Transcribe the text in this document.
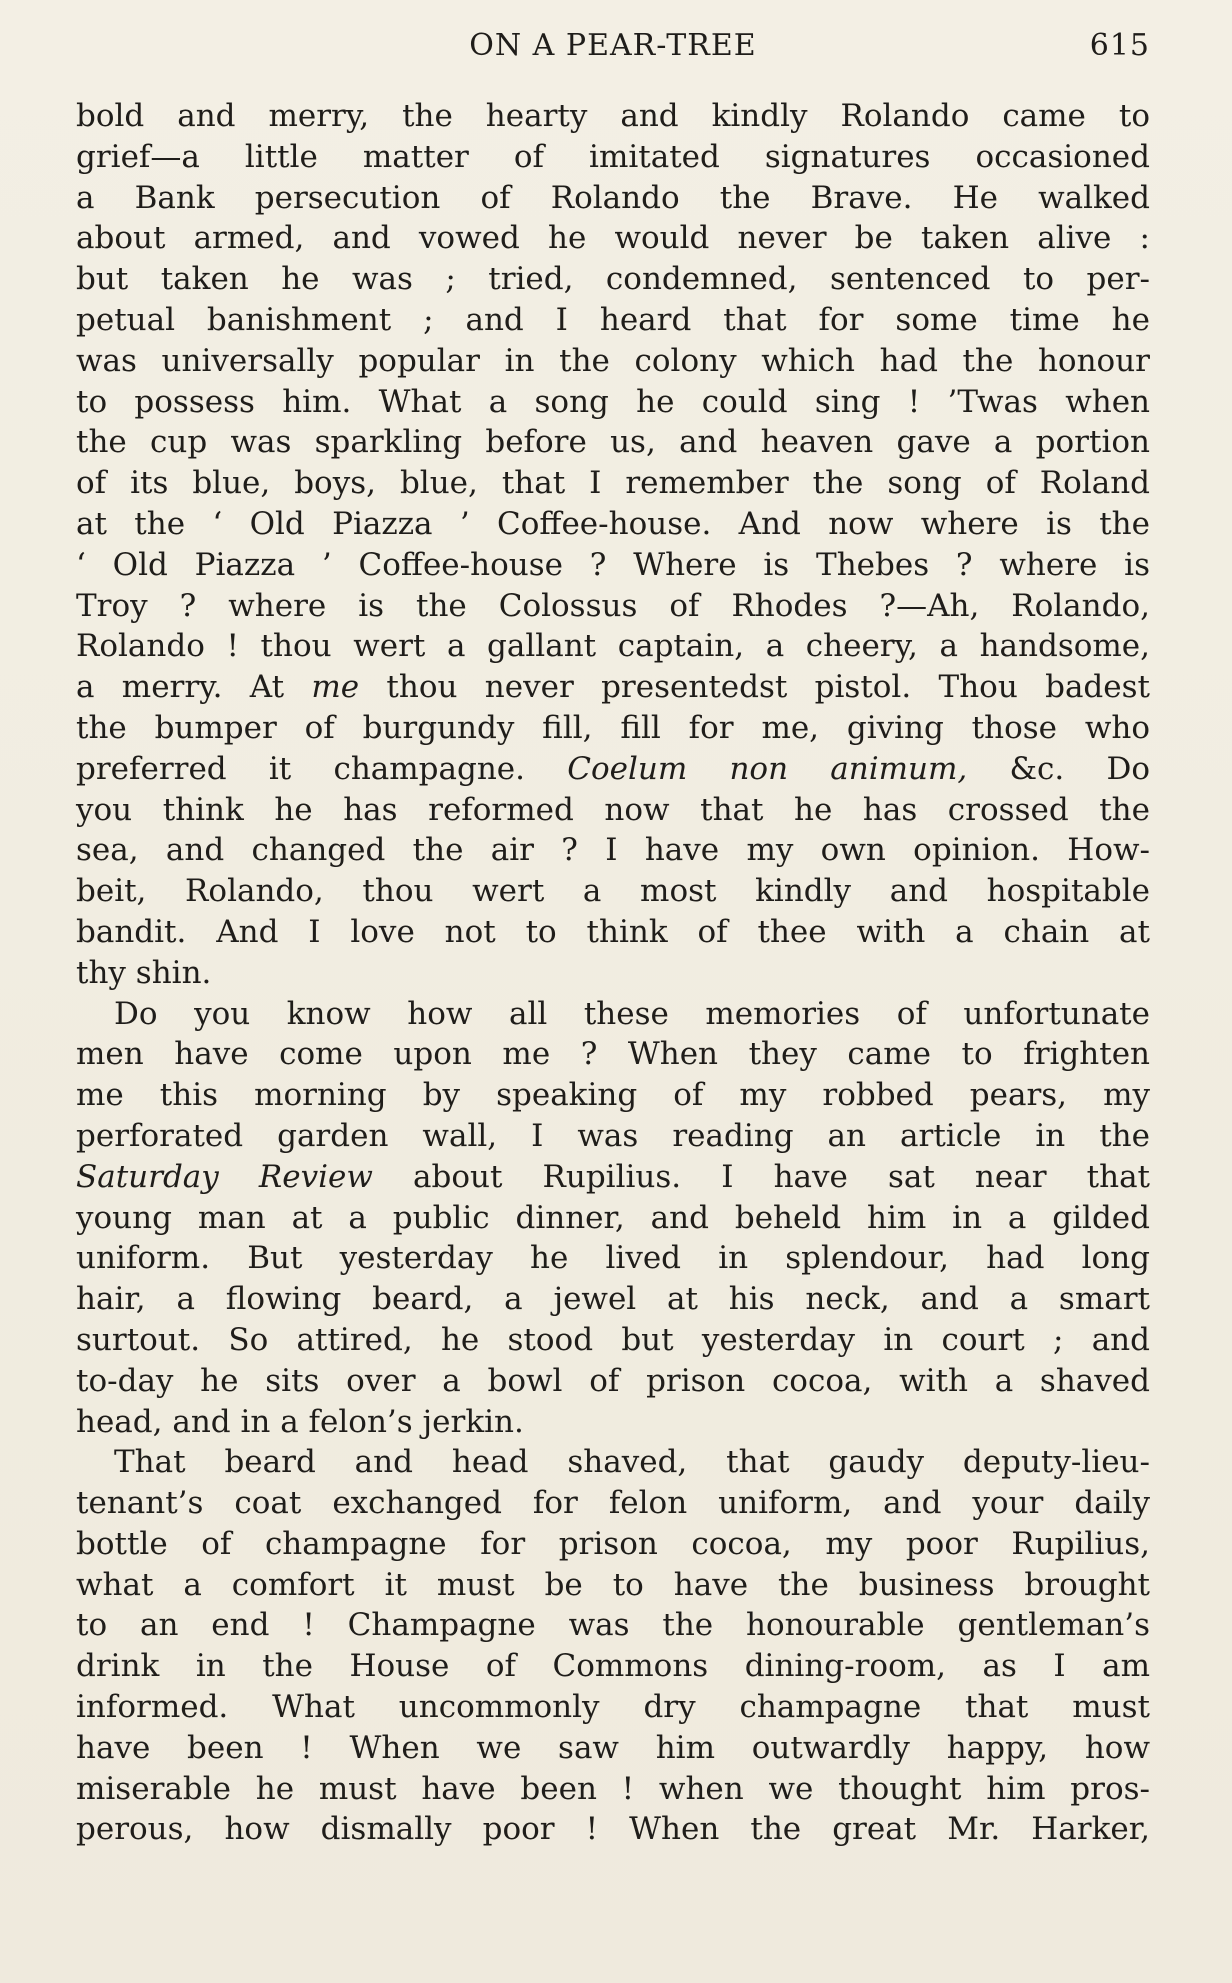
ON A PEAR-TREE	615
bold and merry, the hearty and kindly Rolando came to
grief—a little matter of imitated signatures occasioned
a Bank persecution of Rolando the Brave. He walked
about armed, and vowed he would never be taken alive :
but taken he was ; tried, condemned, sentenced to per-
petual banishment ; and I heard that for some time he
was universally popular in the colony which had the honour
to possess him. What a song he could sing ! ’Twas when
the cup was sparkling before us, and heaven gave a portion
of its blue, boys, blue, that I remember the song of Roland
at the ‘ Old Piazza ’ Coffee-house. And now where is the
‘ Old Piazza ’ Coffee-house ? Where is Thebes ? where is
Troy ? where is the Colossus of Rhodes ?—Ah, Rolando,
Rolando ! thou wert a gallant captain, a cheery, a handsome,
a merry. At me thou never presentedst pistol. Thou badest
the bumper of burgundy fill, fill for me, giving those who
preferred it champagne. Coelum non animum, &c. Do
you think he has reformed now that he has crossed the
sea, and changed the air ? I have my own opinion. How-
beit, Rolando, thou wert a most kindly and hospitable
bandit. And I love not to think of thee with a chain at
thy shin.
Do you know how all these memories of unfortunate
men have come upon me ? When they came to frighten
me this morning by speaking of my robbed pears, my
perforated garden wall, I was reading an article in the
Saturday Review about Rupilius. I have sat near that
young man at a public dinner, and beheld him in a gilded
uniform. But yesterday he lived in splendour, had long
hair, a flowing beard, a jewel at his neck, and a smart
surtout. So attired, he stood but yesterday in court ; and
to-day he sits over a bowl of prison cocoa, with a shaved
head, and in a felon’s jerkin.
That beard and head shaved, that gaudy deputy-lieu-
tenant’s coat exchanged for felon uniform, and your daily
bottle of champagne for prison cocoa, my poor Rupilius,
what a comfort it must be to have the business brought
to an end ! Champagne was the honourable gentleman’s
drink in the House of Commons dining-room, as I am
informed. What uncommonly dry champagne that must
have been ! When we saw him outwardly happy, how
miserable he must have been ! when we thought him pros-
perous, how dismally poor ! When the great Mr. Harker,
